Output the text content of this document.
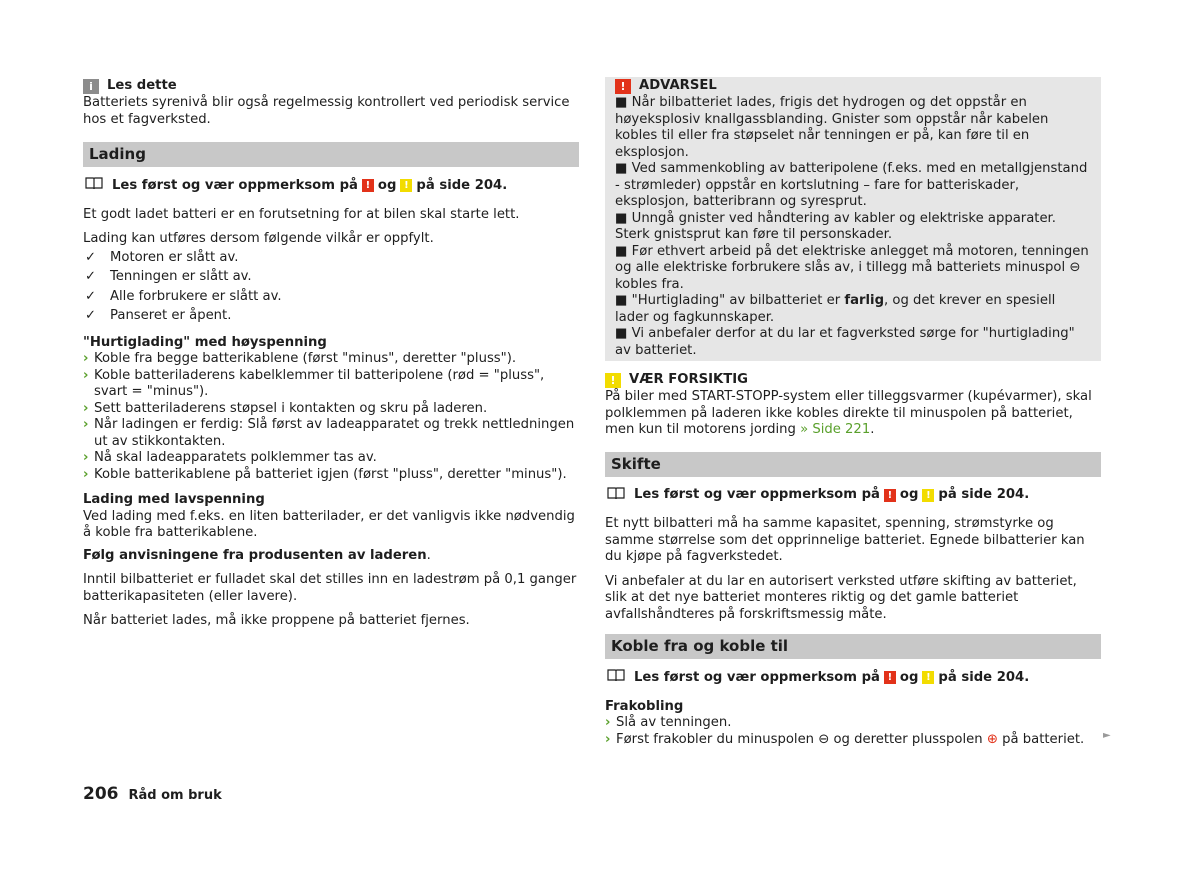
i	Les dette
Batteriets syrenivå blir også regelmessig kontrollert ved periodisk service hos et fagverksted.
Lading
Les først og vær oppmerksom på ! og ! på side 204.
Et godt ladet batteri er en forutsetning for at bilen skal starte lett.
Lading kan utføres dersom følgende vilkår er oppfylt.
✓	Motoren er slått av.
✓	Tenningen er slått av.
✓	Alle forbrukere er slått av.
✓	Panseret er åpent.
"Hurtiglading" med høyspenning
› Koble fra begge batterikablene (først "minus", deretter "pluss").
› Koble batteriladerens kabelklemmer til batteripolene (rød = "pluss", svart = "minus").
› Sett batteriladerens støpsel i kontakten og skru på laderen.
› Når ladingen er ferdig: Slå først av ladeapparatet og trekk nettledningen ut av stikkontakten.
› Nå skal ladeapparatets polklemmer tas av.
› Koble batterikablene på batteriet igjen (først "pluss", deretter "minus").
Lading med lavspenning
Ved lading med f.eks. en liten batterilader, er det vanligvis ikke nødvendig å koble fra batterikablene.
Følg anvisningene fra produsenten av laderen.
Inntil bilbatteriet er fulladet skal det stilles inn en ladestrøm på 0,1 ganger batterikapasiteten (eller lavere).
Når batteriet lades, må ikke proppene på batteriet fjernes.
!	ADVARSEL
■ Når bilbatteriet lades, frigis det hydrogen og det oppstår en høyeksplosiv knallgassblanding. Gnister som oppstår når kabelen kobles til eller fra støpselet når tenningen er på, kan føre til en eksplosjon.
■ Ved sammenkobling av batteripolene (f.eks. med en metallgjenstand - strømleder) oppstår en kortslutning – fare for batteriskader, eksplosjon, batteribrann og syresprut.
■ Unngå gnister ved håndtering av kabler og elektriske apparater. Sterk gnistsprut kan føre til personskader.
■ Før ethvert arbeid på det elektriske anlegget må motoren, tenningen og alle elektriske forbrukere slås av, i tillegg må batteriets minuspol ⊖ kobles fra.
■ "Hurtiglading" av bilbatteriet er farlig, og det krever en spesiell lader og fagkunnskaper.
■ Vi anbefaler derfor at du lar et fagverksted sørge for "hurtiglading" av batteriet.
!	VÆR FORSIKTIG
På biler med START-STOPP-system eller tilleggsvarmer (kupévarmer), skal polklemmen på laderen ikke kobles direkte til minuspolen på batteriet, men kun til motorens jording » Side 221.
Skifte
Les først og vær oppmerksom på ! og ! på side 204.
Et nytt bilbatteri må ha samme kapasitet, spenning, strømstyrke og samme størrelse som det opprinnelige batteriet. Egnede bilbatterier kan du kjøpe på fagverkstedet.
Vi anbefaler at du lar en autorisert verksted utføre skifting av batteriet, slik at det nye batteriet monteres riktig og det gamle batteriet avfallshåndteres på forskriftsmessig måte.
Koble fra og koble til
Les først og vær oppmerksom på ! og ! på side 204.
Frakobling
› Slå av tenningen.
› Først frakobler du minuspolen ⊖ og deretter plusspolen ⊕ på batteriet. ►
206 Råd om bruk
